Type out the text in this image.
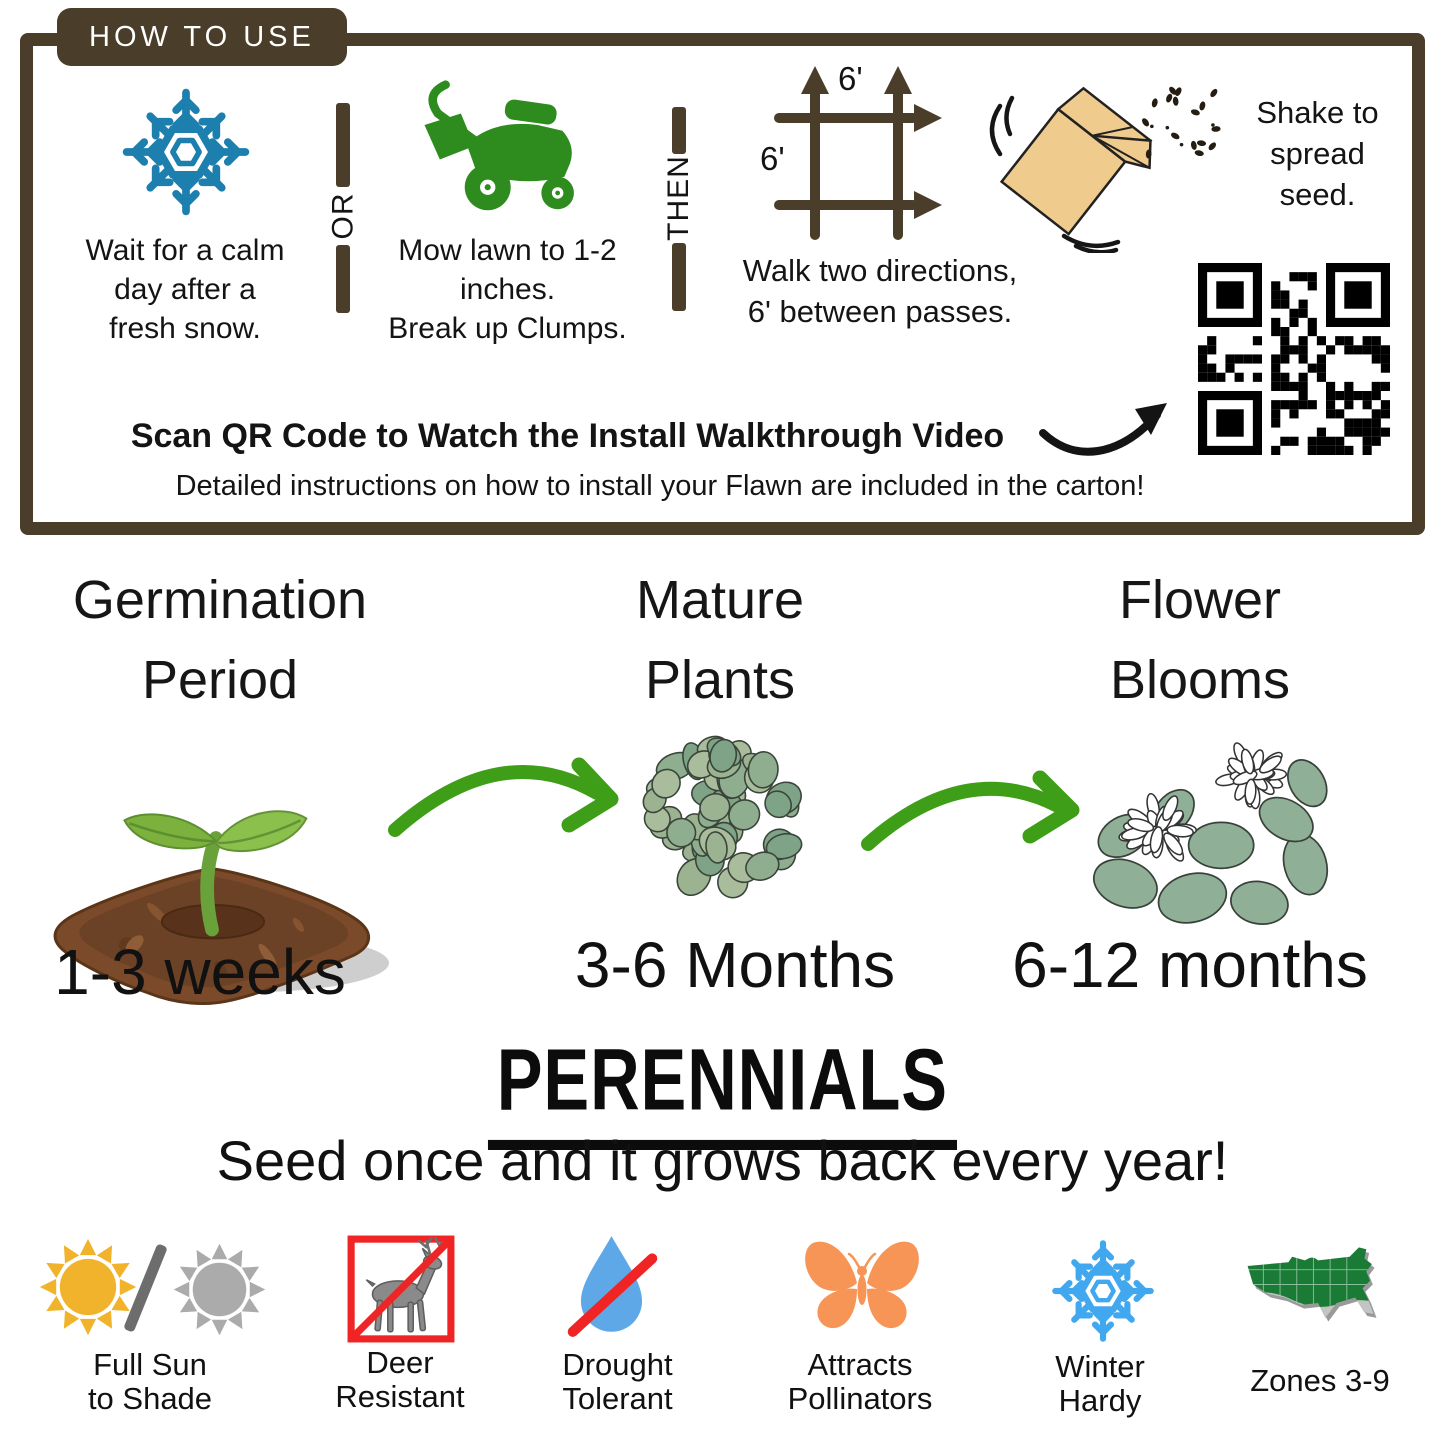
HOW TO USE
Wait for a calm
day after a
fresh snow.
OR
Mow lawn to 1-2
inches.
Break up Clumps.
THEN
6'
6'
Walk two directions,
6' between passes.
Shake to
spread
seed.
Scan QR Code to Watch the Install Walkthrough Video
Detailed instructions on how to install your Flawn are included in the carton!
Germination
Period
Mature
Plants
Flower
Blooms
1-3 weeks	3-6 Months	6-12 months
PERENNIALS
Seed once and it grows back every year!
Full Sun
to Shade
Deer
Resistant
Drought
Tolerant
Attracts
Pollinators
Winter
Hardy
Zones 3-9
